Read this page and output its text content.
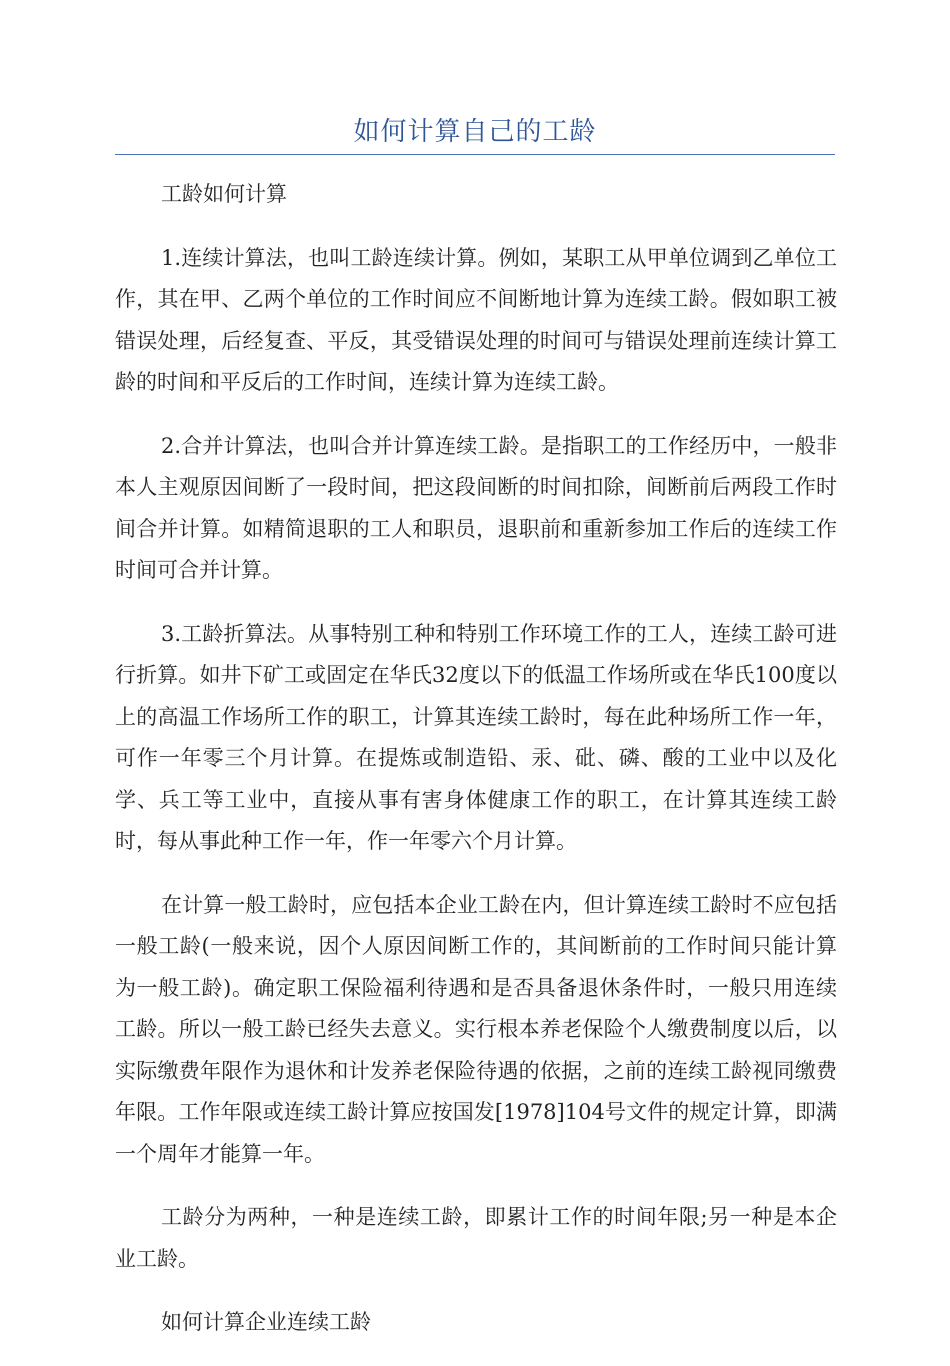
如何计算自己的工龄

工龄如何计算

1.连续计算法，也叫工龄连续计算。例如，某职工从甲单位调到乙单位工作，其在甲、乙两个单位的工作时间应不间断地计算为连续工龄。假如职工被错误处理，后经复查、平反，其受错误处理的时间可与错误处理前连续计算工龄的时间和平反后的工作时间，连续计算为连续工龄。

2.合并计算法，也叫合并计算连续工龄。是指职工的工作经历中，一般非本人主观原因间断了一段时间，把这段间断的时间扣除，间断前后两段工作时间合并计算。如精简退职的工人和职员，退职前和重新参加工作后的连续工作时间可合并计算。

3.工龄折算法。从事特别工种和特别工作环境工作的工人，连续工龄可进行折算。如井下矿工或固定在华氏32度以下的低温工作场所或在华氏100度以上的高温工作场所工作的职工，计算其连续工龄时，每在此种场所工作一年，可作一年零三个月计算。在提炼或制造铅、汞、砒、磷、酸的工业中以及化学、兵工等工业中，直接从事有害身体健康工作的职工，在计算其连续工龄时，每从事此种工作一年，作一年零六个月计算。

在计算一般工龄时，应包括本企业工龄在内，但计算连续工龄时不应包括一般工龄(一般来说，因个人原因间断工作的，其间断前的工作时间只能计算为一般工龄)。确定职工保险福利待遇和是否具备退休条件时，一般只用连续工龄。所以一般工龄已经失去意义。实行根本养老保险个人缴费制度以后，以实际缴费年限作为退休和计发养老保险待遇的依据，之前的连续工龄视同缴费年限。工作年限或连续工龄计算应按国发[1978]104号文件的规定计算，即满一个周年才能算一年。

工龄分为两种，一种是连续工龄，即累计工作的时间年限;另一种是本企业工龄。

如何计算企业连续工龄
